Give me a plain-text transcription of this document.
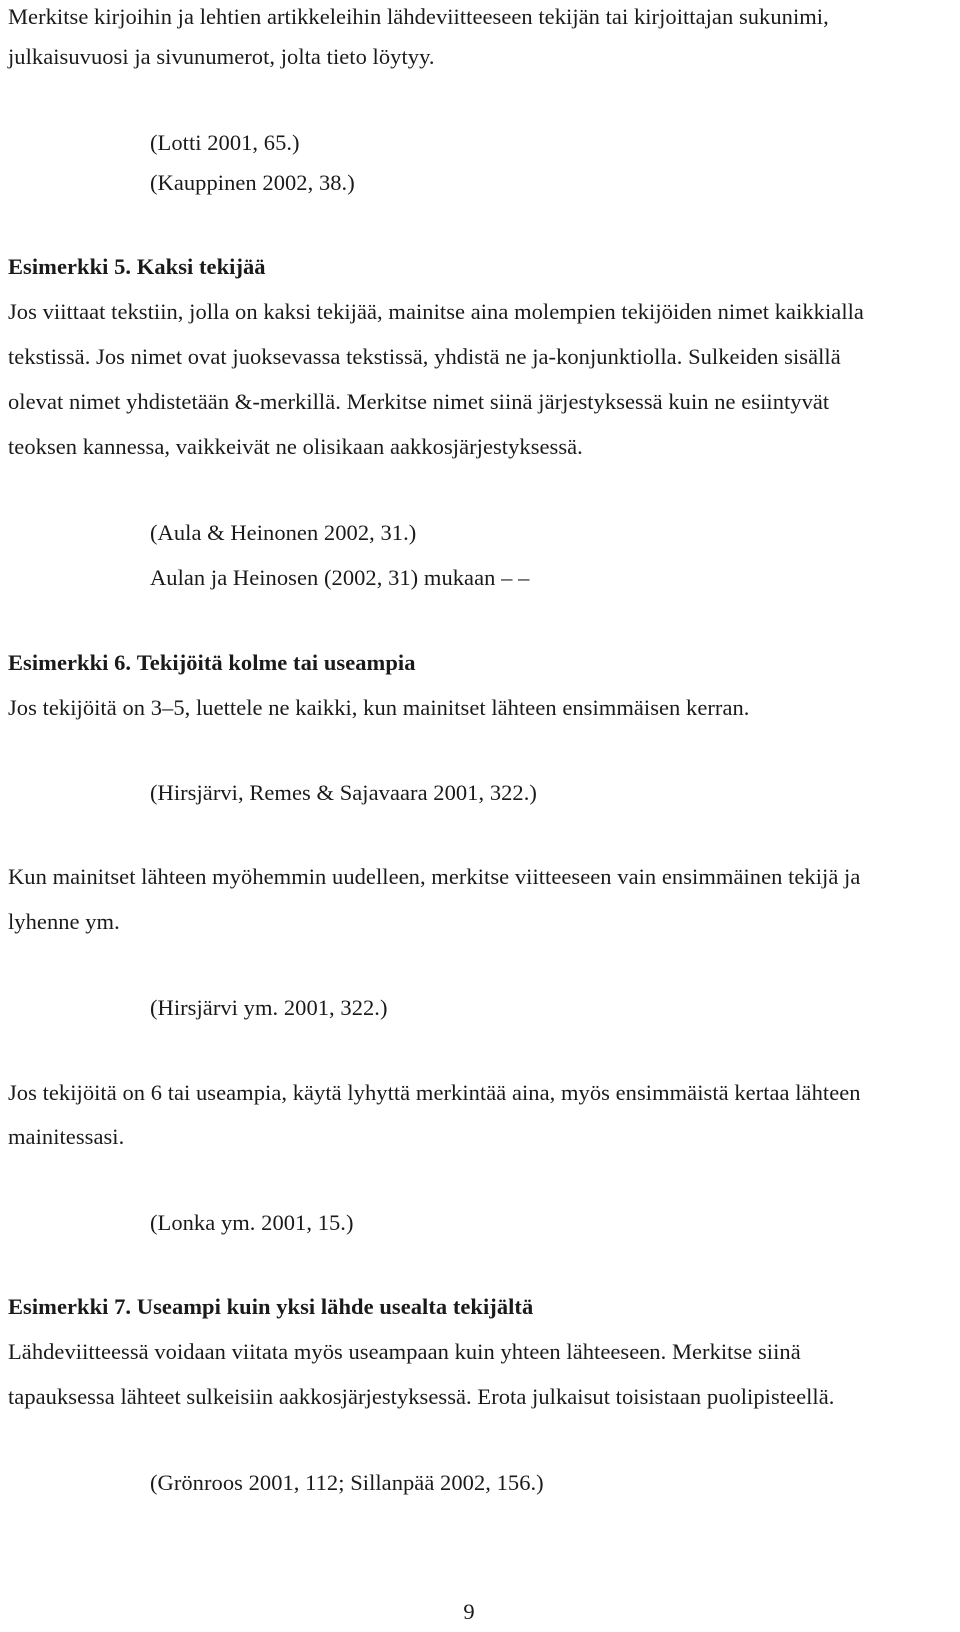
Merkitse kirjoihin ja lehtien artikkeleihin lähdeviitteeseen tekijän tai kirjoittajan sukunimi,
julkaisuvuosi ja sivunumerot, jolta tieto löytyy.
(Lotti 2001, 65.)
(Kauppinen 2002, 38.)
Esimerkki 5. Kaksi tekijää
Jos viittaat tekstiin, jolla on kaksi tekijää, mainitse aina molempien tekijöiden nimet kaikkialla
tekstissä. Jos nimet ovat juoksevassa tekstissä, yhdistä ne ja-konjunktiolla. Sulkeiden sisällä
olevat nimet yhdistetään &-merkillä. Merkitse nimet siinä järjestyksessä kuin ne esiintyvät
teoksen kannessa, vaikkeivät ne olisikaan aakkosjärjestyksessä.
(Aula & Heinonen 2002, 31.)
Aulan ja Heinosen (2002, 31) mukaan – –
Esimerkki 6. Tekijöitä kolme tai useampia
Jos tekijöitä on 3–5, luettele ne kaikki, kun mainitset lähteen ensimmäisen kerran.
(Hirsjärvi, Remes & Sajavaara 2001, 322.)
Kun mainitset lähteen myöhemmin uudelleen, merkitse viitteeseen vain ensimmäinen tekijä ja
lyhenne ym.
(Hirsjärvi ym. 2001, 322.)
Jos tekijöitä on 6 tai useampia, käytä lyhyttä merkintää aina, myös ensimmäistä kertaa lähteen
mainitessasi.
(Lonka ym. 2001, 15.)
Esimerkki 7. Useampi kuin yksi lähde usealta tekijältä
Lähdeviitteessä voidaan viitata myös useampaan kuin yhteen lähteeseen. Merkitse siinä
tapauksessa lähteet sulkeisiin aakkosjärjestyksessä. Erota julkaisut toisistaan puolipisteellä.
(Grönroos 2001, 112; Sillanpää 2002, 156.)
9
